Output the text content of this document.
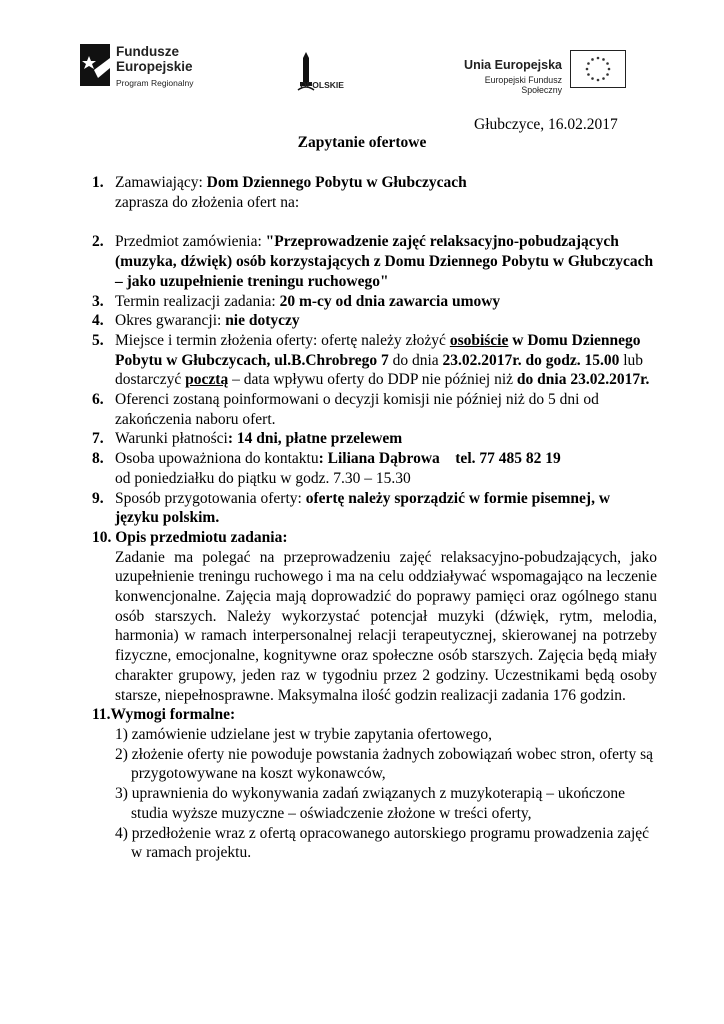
Fundusze
Europejskie
Program Regionalny	OPOLSKIE
Unia Europejska
Europejski Fundusz Społeczny
Głubczyce, 16.02.2017
Zapytanie ofertowe
1. Zamawiający: Dom Dziennego Pobytu w Głubczycach
zaprasza do złożenia ofert na:
2. Przedmiot zamówienia: "Przeprowadzenie zajęć relaksacyjno-pobudzających (muzyka, dźwięk) osób korzystających z Domu Dziennego Pobytu w Głubczycach – jako uzupełnienie treningu ruchowego"
3. Termin realizacji zadania: 20 m-cy od dnia zawarcia umowy
4. Okres gwarancji: nie dotyczy
5. Miejsce i termin złożenia oferty: ofertę należy złożyć osobiście w Domu Dziennego Pobytu w Głubczycach, ul.B.Chrobrego 7 do dnia 23.02.2017r. do godz. 15.00 lub dostarczyć pocztą – data wpływu oferty do DDP nie później niż do dnia 23.02.2017r.
6. Oferenci zostaną poinformowani o decyzji komisji nie później niż do 5 dni od zakończenia naboru ofert.
7. Warunki płatności: 14 dni, płatne przelewem
8. Osoba upoważniona do kontaktu: Liliana Dąbrowa    tel. 77 485 82 19
od poniedziałku do piątku w godz. 7.30 – 15.30
9. Sposób przygotowania oferty: ofertę należy sporządzić w formie pisemnej, w języku polskim.
10. Opis przedmiotu zadania:
Zadanie ma polegać na przeprowadzeniu zajęć relaksacyjno-pobudzających, jako uzupełnienie treningu ruchowego i ma na celu oddziaływać wspomagająco na leczenie konwencjonalne. Zajęcia mają doprowadzić do poprawy pamięci oraz ogólnego stanu osób starszych. Należy wykorzystać potencjał muzyki (dźwięk, rytm, melodia, harmonia) w ramach interpersonalnej relacji terapeutycznej, skierowanej na potrzeby fizyczne, emocjonalne, kognitywne oraz społeczne osób starszych. Zajęcia będą miały charakter grupowy, jeden raz w tygodniu przez 2 godziny. Uczestnikami będą osoby starsze, niepełnosprawne. Maksymalna ilość godzin realizacji zadania 176 godzin.
11.Wymogi formalne:
1) zamówienie udzielane jest w trybie zapytania ofertowego,
2) złożenie oferty nie powoduje powstania żadnych zobowiązań wobec stron, oferty są przygotowywane na koszt wykonawców,
3) uprawnienia do wykonywania zadań związanych z muzykoterapią – ukończone studia wyższe muzyczne – oświadczenie złożone w treści oferty,
4) przedłożenie wraz z ofertą opracowanego autorskiego programu prowadzenia zajęć w ramach projektu.
